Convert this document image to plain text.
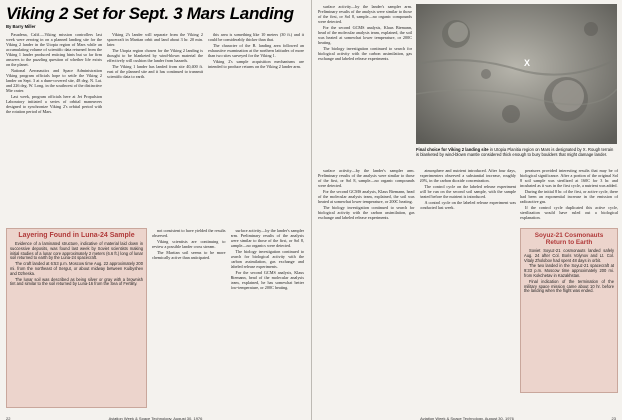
Viking 2 Set for Sept. 3 Mars Landing
By Barry Miller

Pasadena, Calif.—Viking mission controllers last week were zeroing in on a planned landing site for the Viking 2 lander in the Utopia region of Mars while an accumulating volume of scientific data returned from the Viking 1 lander produced enticing hints but so far firm answers to the puzzling question of whether life exists on the planet.

National Aeronautics and Space Administration Viking program officials hope to settle the Viking 2 lander on Sept. 3 at a dune-covered site, 48 deg. N. Lat. and 226 deg. W. Long. in the southwest of the distinctive Mie crater.

Last week, program officials here at Jet Propulsion Laboratory initiated a series of orbital maneuvers designed to synchronize Viking 2's orbital period with the rotation period of Mars.

Viking 2's lander will separate from the Viking 2 spacecraft in Martian orbit and land about 3 hr. 20 min. later.

The Utopia region chosen for the Viking 2 landing is thought to be blanketed by wind-blown material the effectively will cushion the lander from hazards.

The Viking 1 lander has landed from site 40,400 ft. east of the planned site and it has continued to transmit scientific data to earth.

this area is something like 10 meters (30 ft.) and it could be considerably thicker than that.

The character of the B. landing area followed an exhaustive examination at the northern latitudes of more than two sites surveyed for the Viking 1.

Viking 2's sample acquisition mechanisms are intended to produce returns on the Viking 2 lander arm.

Layering Found in Luna-24 Sample

Evidence of a laminated structure, indicative of material laid down in successive deposits, was found last week by Soviet scientists making initial studies of a lunar core approximately 2 meters (6.6 ft.) long of lunar soil returned to earth by the Luna-24 spacecraft.

The craft landed at 6:53 p.m. Moscow time Aug. 22 approximately 200 mi. from the northeast of Sergut, or about midway between Kuibyshev and Dzheska.

The lunar soil was described as being silver or gray with a brownish tint and similar to the soil returned by Luna-16 from the Sea of Fertility.

not consistent to have yielded the results observed.

Viking scientists are continuing to review a possible lander cross stream.

The Martian soil seems to be more chemically active than anticipated.

surface activity—by the lander's sampler arm. Preliminary results of the analysis were similar to those of the first, or Sol 8, sample—no organics were detected.

The biology investigation continued to search for biological activity with the carbon assimilation, gas exchange and labeled release experiments.

For the second GCMS analysis, Klaus Biemann, head of the molecular analysis team, explained, he has somewhat better low-temperature, or 200C heating.

22	Aviation Week & Space Technology, August 30, 1976

surface activity—by the lander's sampler arm. Preliminary results of the analysis were similar to those of the first, or Sol 8, sample—no organic compounds were detected.

For the second GCMS analysis, Klaus Biemann, head of the molecular analysis team, explained, the soil was heated at somewhat lower temperature, or 200C heating.

The biology investigation continued to search for biological activity with the carbon assimilation, gas exchange and labeled release experiments.	X
Final choice for Viking 2 landing site in Utopia Planitia region on Mars is designated by X. Rough terrain is blanketed by wind-blown mantle considered thick enough to bury boulders that might damage lander.

surface activity—by the lander's sampler arm. Preliminary results of the analysis were similar to those of the first, or Sol 8, sample—no organic compounds were detected.

For the second GCMS analysis, Klaus Biemann, head of the molecular analysis team, explained, the soil was heated at somewhat lower temperature, or 200C heating.

The biology investigation continued to search for biological activity with the carbon assimilation, gas exchange and labeled release experiments.

atmosphere and nutrient introduced. After four days, experimenters observed a substantial increase, roughly 20%, in the carbon dioxide concentration.

The control cycle on the labeled release experiment will be run on the second soil sample, with the sample heated before the nutrient is introduced.

A control cycle on the labeled release experiment was conducted last week.

peratures provided interesting results that may be of biological significance. After a portion of the original Sol 8 soil sample was sterilized at 160C for 3 hr. and incubated as it was in the first cycle, a nutrient was added.

During the initial 8 hr. of the first, or active cycle, there had been an exponential increase in the emission of radioactive gas.

If the control cycle duplicated this active cycle, sterilization would have ruled out a biological explanation.

Soyuz-21 Cosmonauts Return to Earth

Soviet Soyuz-21 cosmonauts landed safely Aug. 24 after Col. Boris Volynov and Lt. Col. Vitaly Zholobov had spent 48 days in orbit.

The two landed in the Soyuz-21 spacecraft at 9:33 p.m. Moscow time approximately 200 mi. from Kokchetav in Kazakhstan.

Final indication of the termination of the military space mission came about 10 hr. before the landing when the flight was ended.

Aviation Week & Space Technology, August 30, 1976	23
